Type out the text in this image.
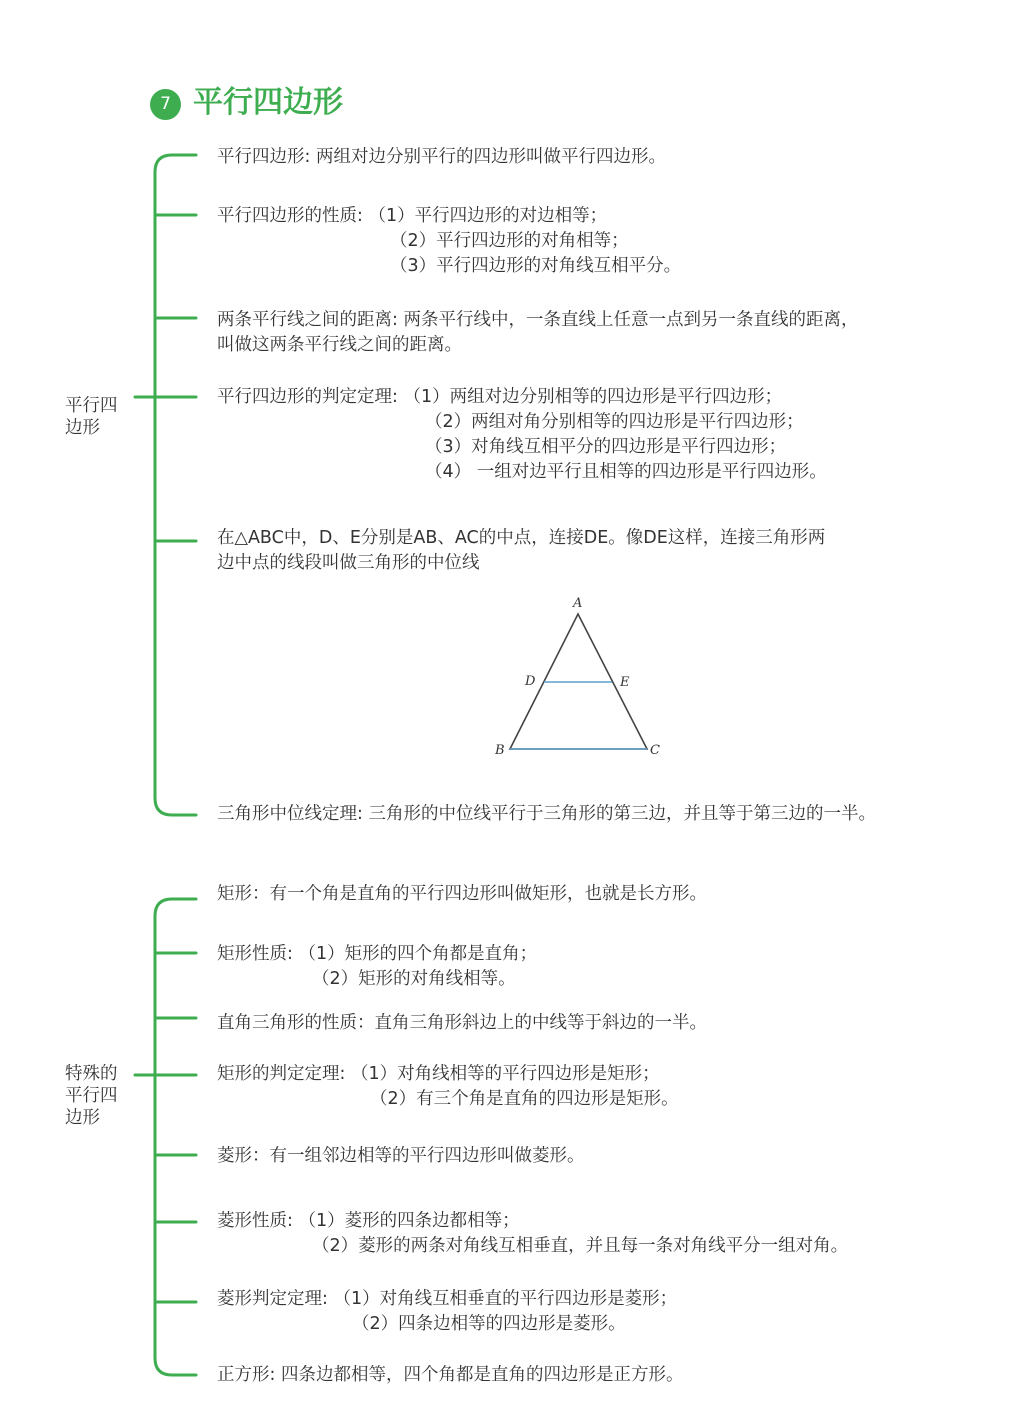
7 平行四边形
平行四
边形
平行四边形: 两组对边分别平行的四边形叫做平行四边形。
平行四边形的性质: （1）平行四边形的对边相等；
（2）平行四边形的对角相等；
（3）平行四边形的对角线互相平分。
两条平行线之间的距离: 两条平行线中，一条直线上任意一点到另一条直线的距离，
叫做这两条平行线之间的距离。
平行四边形的判定定理: （1）两组对边分别相等的四边形是平行四边形；
（2）两组对角分别相等的四边形是平行四边形；
（3）对角线互相平分的四边形是平行四边形；
（4） 一组对边平行且相等的四边形是平行四边形。
在△ABC中，D、E分别是AB、AC的中点，连接DE。像DE这样，连接三角形两
边中点的线段叫做三角形的中位线
A
B	C
D	E
三角形中位线定理: 三角形的中位线平行于三角形的第三边，并且等于第三边的一半。
特殊的
平行四
边形
矩形：有一个角是直角的平行四边形叫做矩形，也就是长方形。
矩形性质: （1）矩形的四个角都是直角；
（2）矩形的对角线相等。
直角三角形的性质：直角三角形斜边上的中线等于斜边的一半。
矩形的判定定理: （1）对角线相等的平行四边形是矩形；
（2）有三个角是直角的四边形是矩形。
菱形：有一组邻边相等的平行四边形叫做菱形。
菱形性质: （1）菱形的四条边都相等；
（2）菱形的两条对角线互相垂直，并且每一条对角线平分一组对角。
菱形判定定理: （1）对角线互相垂直的平行四边形是菱形；
（2）四条边相等的四边形是菱形。
正方形: 四条边都相等，四个角都是直角的四边形是正方形。
